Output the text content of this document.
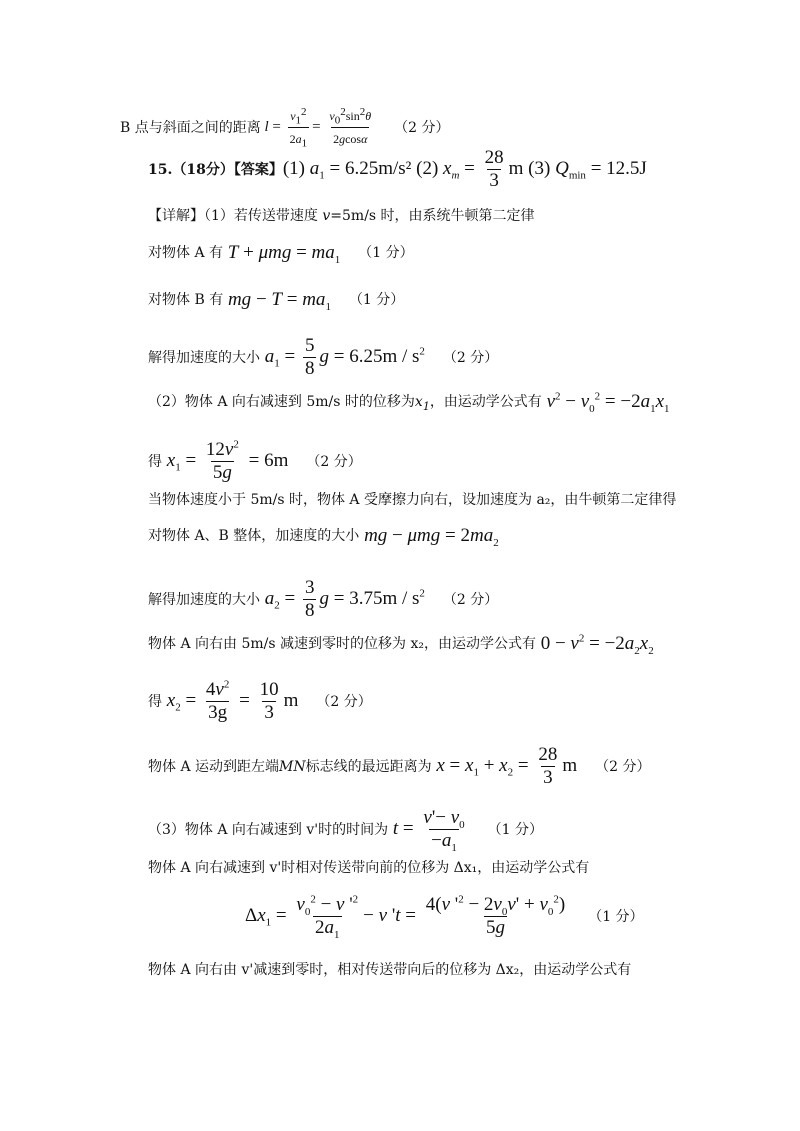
B 点与斜面之间的距离 $l = \frac{v_1^2}{2a_1} = \frac{v_0^2\sin^2\theta}{2gcos\alpha} (2$ 分）
15.（18分）【答案】 (1) $a_1 = 6.25m/s^2$ (2) $x_m = \frac{28}{3}$ m (3) $Q_{min} = 12.5J$
【详解】（1）若传送带速度 v=5m/s 时，由系统牛顿第二定律
对物体 A 有 $T + \mu mg = ma_1$ （1 分）
对物体 B 有 mg − $T = ma_1$ （1 分）
解得加速度的大小 $a_1 = \frac{5}{8}$ $g = 6.25m / s^2$ （2 分）
（2）物体 A 向右减速到 5m/s 时的位移为 $x_1$ ，由运动学公式有 $v^2 - v_0^2 = -2a_1x_1$
得 $x_1 = \frac{12v^2}{5g} = 6m$ （2 分）
当物体速度小于 5m/s 时，物体 A 受摩擦力向右，设加速度为 a₂，由牛顿第二定律得
对物体 A、B 整体，加速度的大小 mg − $\mu mg = 2ma_2$
解得加速度的大小 $a_2 = \frac{3}{8}$ $g = 3.75m / s^2$ （2 分）
物体 A 向右由 5m/s 减速到零时的位移为 x₂，由运动学公式有 $0 - v^2 = -2a_2x_2$
得 $x_2 = \frac{4v^2}{3g} = \frac{10}{3}$ m （2 分）
物体 A 运动到距左端 MN 标志线的最远距离为 $x = x_1 + x_2 = \frac{28}{3}$ m （2 分）
（3）物体 A 向右减速到 v'时的时间为 $t = \frac{v'- v_0}{-a_1} (1$ 分）
物体 A 向右减速到 v'时相对传送带向前的位移为 Δx₁，由运动学公式有
$\Delta x_1 = \frac{v_0^2 - v '^2}{2a_1} - v$ '$t = \frac{4(v '^2 - 2v_0v' + v_0^2)}{5g} (1$ 分）
物体 A 向右由 v'减速到零时，相对传送带向后的位移为 Δx₂，由运动学公式有
